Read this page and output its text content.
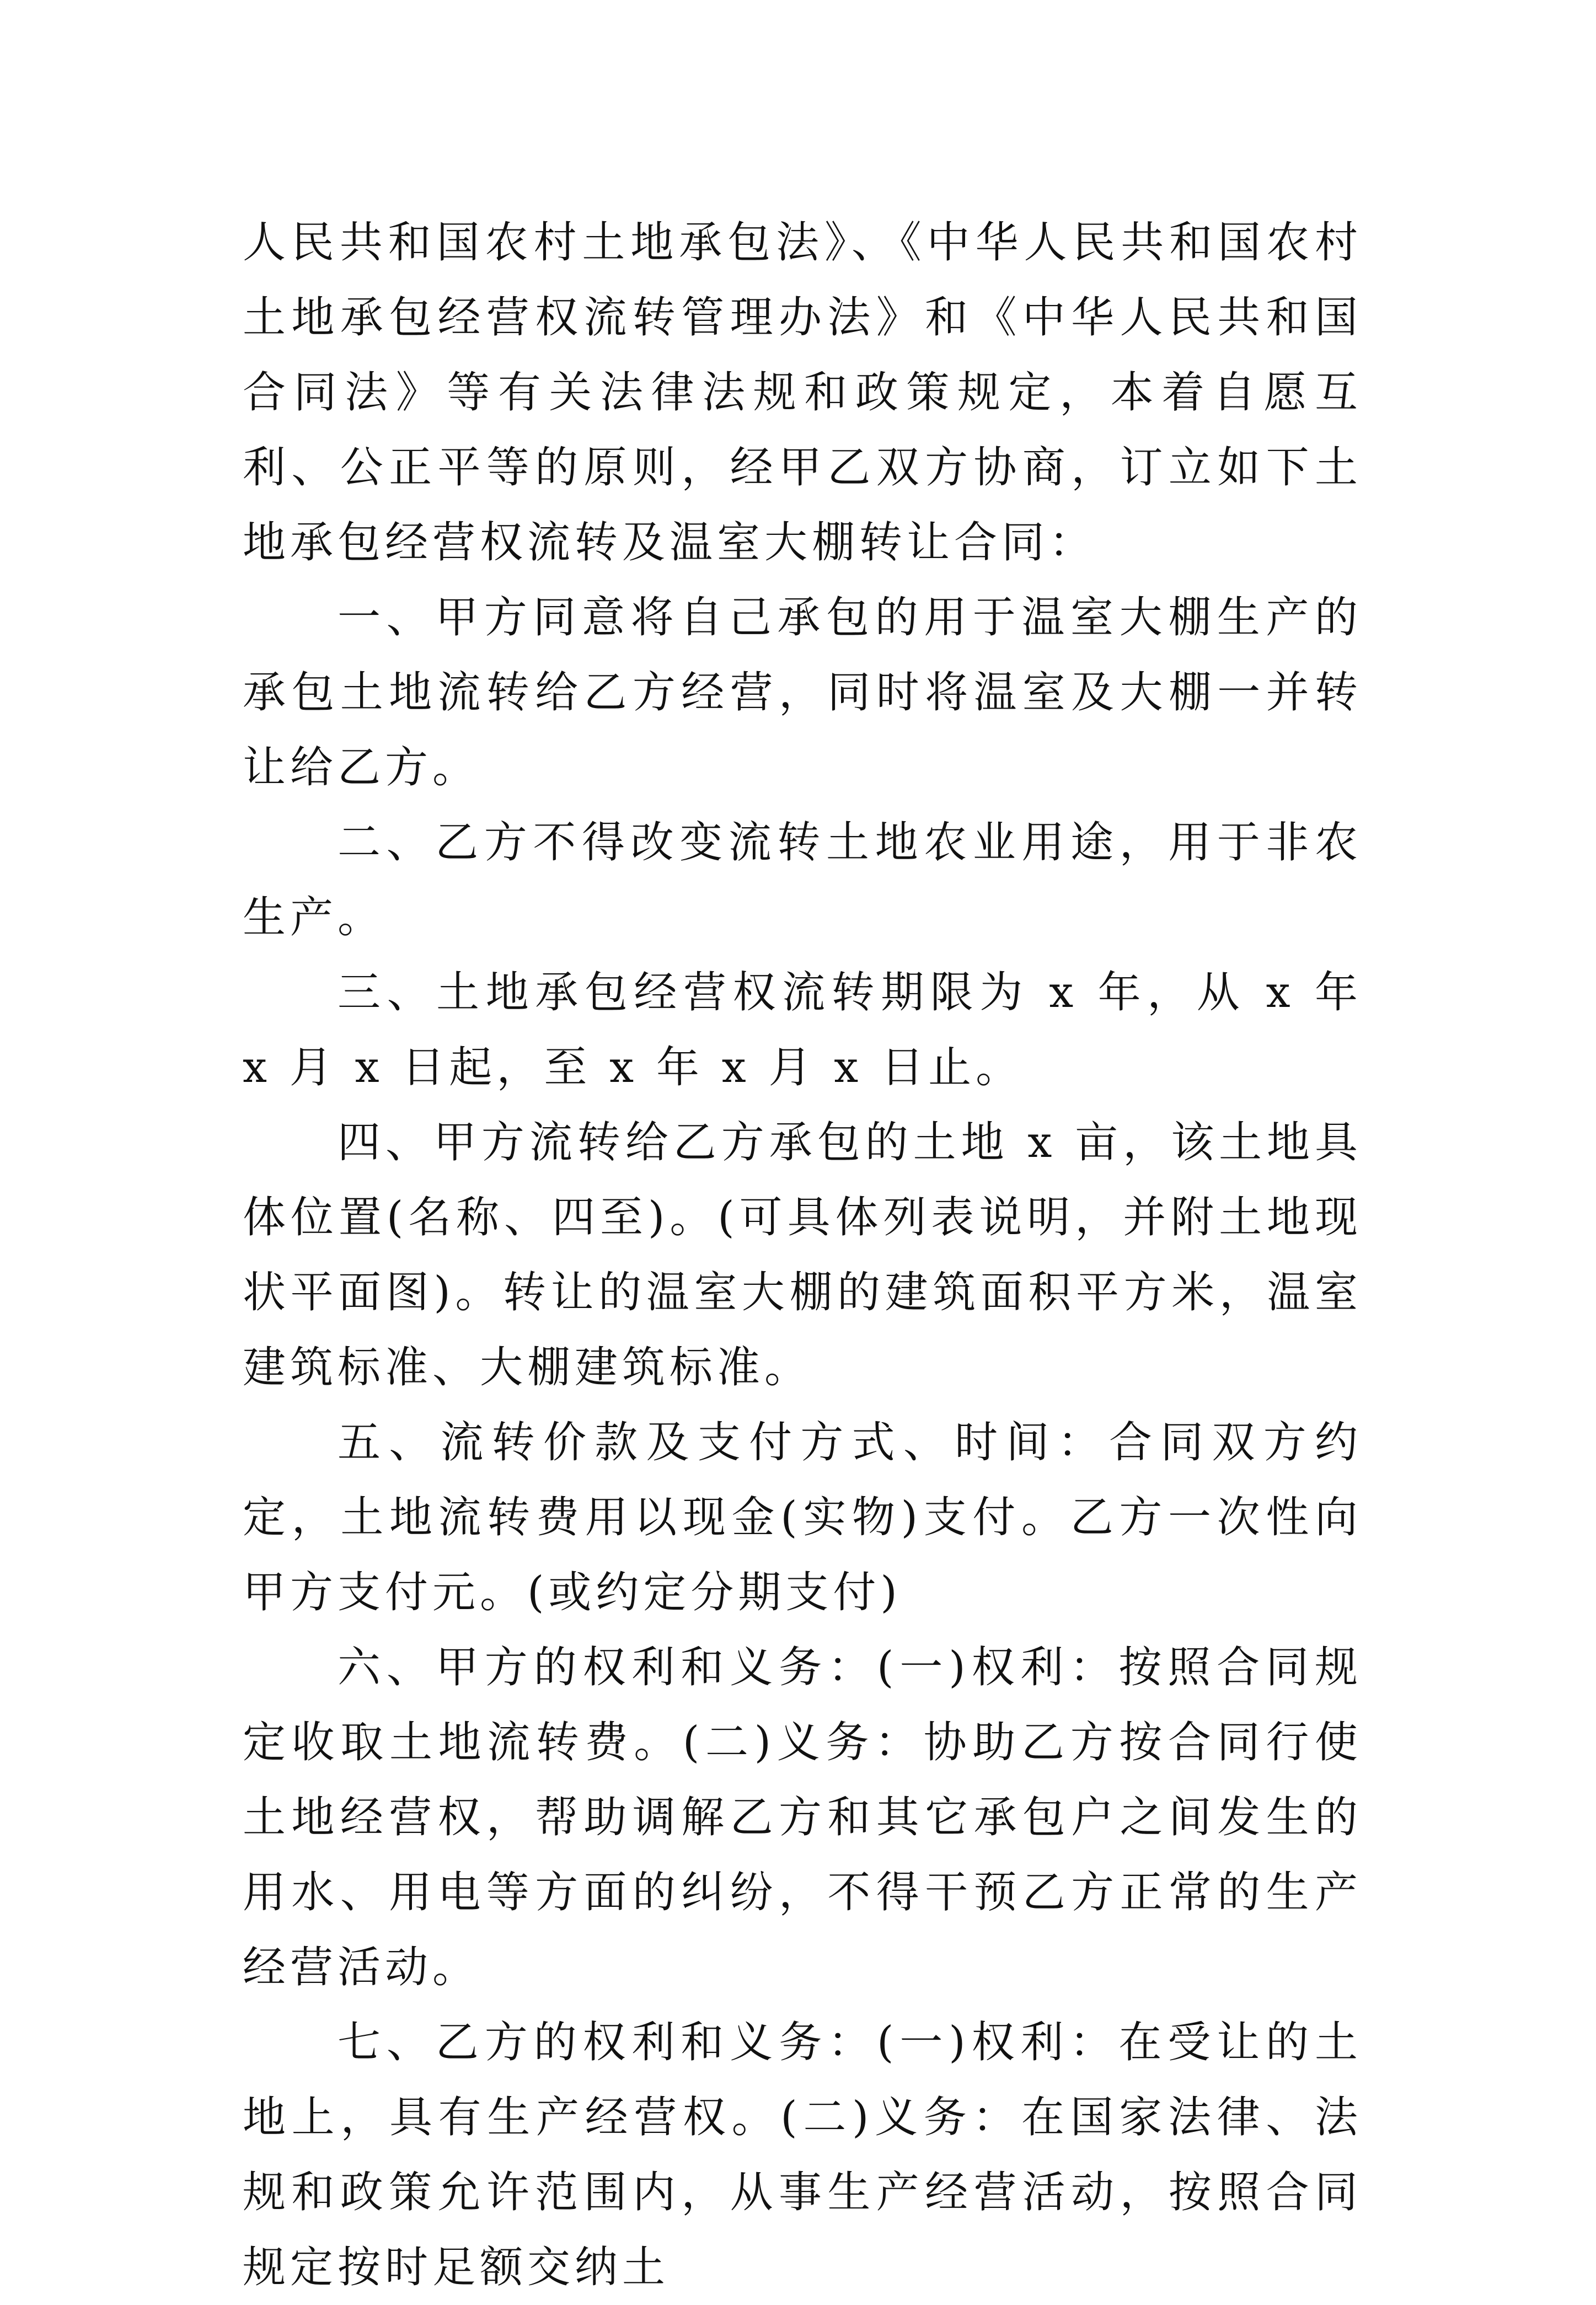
人民共和国农村土地承包法》、《中华人民共和国农村土地承包经营权流转管理办法》和《中华人民共和国合同法》等有关法律法规和政策规定，本着自愿互利、公正平等的原则，经甲乙双方协商，订立如下土地承包经营权流转及温室大棚转让合同：

一、甲方同意将自己承包的用于温室大棚生产的承包土地流转给乙方经营，同时将温室及大棚一并转让给乙方。

二、乙方不得改变流转土地农业用途，用于非农生产。

三、土地承包经营权流转期限为 x 年，从 x 年 x 月 x 日起，至 x 年 x 月 x 日止。

四、甲方流转给乙方承包的土地 x 亩，该土地具体位置(名称、四至)。(可具体列表说明，并附土地现状平面图)。转让的温室大棚的建筑面积平方米，温室建筑标准、大棚建筑标准。

五、流转价款及支付方式、时间：合同双方约定，土地流转费用以现金(实物)支付。乙方一次性向甲方支付元。(或约定分期支付)

六、甲方的权利和义务：(一)权利：按照合同规定收取土地流转费。(二)义务：协助乙方按合同行使土地经营权，帮助调解乙方和其它承包户之间发生的用水、用电等方面的纠纷，不得干预乙方正常的生产经营活动。

七、乙方的权利和义务：(一)权利：在受让的土地上，具有生产经营权。(二)义务：在国家法律、法规和政策允许范围内，从事生产经营活动，按照合同规定按时足额交纳土
